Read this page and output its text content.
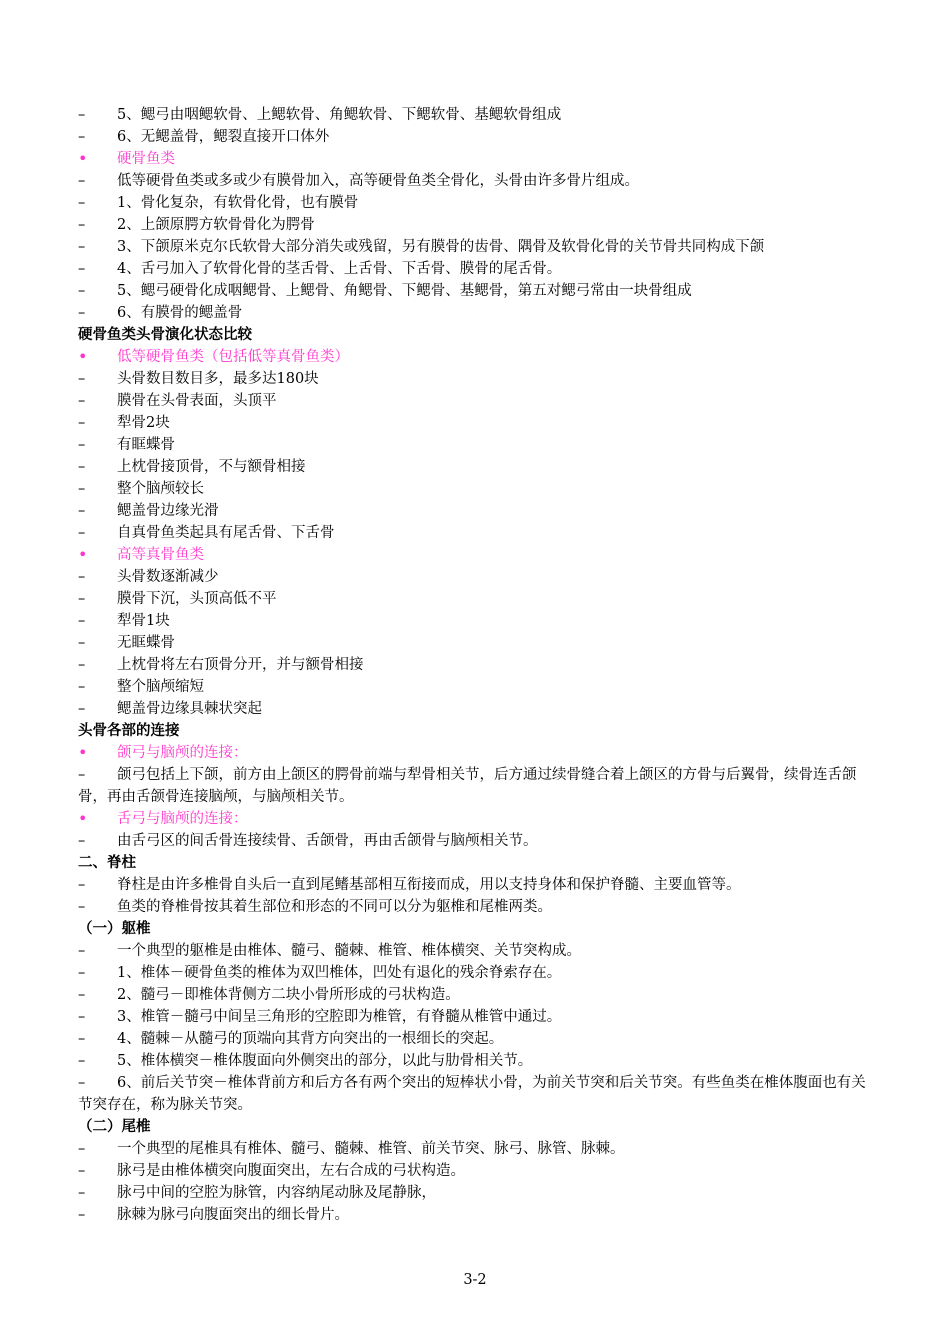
–	5、鳃弓由咽鳃软骨、上鳃软骨、角鳃软骨、下鳃软骨、基鳃软骨组成
–	6、无鳃盖骨，鳃裂直接开口体外
•	硬骨鱼类
–	低等硬骨鱼类或多或少有膜骨加入，高等硬骨鱼类全骨化，头骨由许多骨片组成。
–	1、骨化复杂，有软骨化骨，也有膜骨
–	2、上颌原腭方软骨骨化为腭骨
–	3、下颌原米克尔氏软骨大部分消失或残留，另有膜骨的齿骨、隅骨及软骨化骨的关节骨共同构成下颌
–	4、舌弓加入了软骨化骨的茎舌骨、上舌骨、下舌骨、膜骨的尾舌骨。
–	5、鳃弓硬骨化成咽鳃骨、上鳃骨、角鳃骨、下鳃骨、基鳃骨，第五对鳃弓常由一块骨组成
–	6、有膜骨的鳃盖骨
硬骨鱼类头骨演化状态比较
•	低等硬骨鱼类（包括低等真骨鱼类）
–	头骨数目数目多，最多达180块
–	膜骨在头骨表面，头顶平
–	犁骨2块
–	有眶蝶骨
–	上枕骨接顶骨，不与额骨相接
–	整个脑颅较长
–	鳃盖骨边缘光滑
–	自真骨鱼类起具有尾舌骨、下舌骨
•	高等真骨鱼类
–	头骨数逐渐减少
–	膜骨下沉，头顶高低不平
–	犁骨1块
–	无眶蝶骨
–	上枕骨将左右顶骨分开，并与额骨相接
–	整个脑颅缩短
–	鳃盖骨边缘具棘状突起
头骨各部的连接
•	颌弓与脑颅的连接：
–	颌弓包括上下颌，前方由上颌区的腭骨前端与犁骨相关节，后方通过续骨缝合着上颌区的方骨与后翼骨，续骨连舌颌骨，再由舌颌骨连接脑颅，与脑颅相关节。
•	舌弓与脑颅的连接：
–	由舌弓区的间舌骨连接续骨、舌颌骨，再由舌颌骨与脑颅相关节。
二、脊柱
–	脊柱是由许多椎骨自头后一直到尾鳍基部相互衔接而成，用以支持身体和保护脊髓、主要血管等。
–	鱼类的脊椎骨按其着生部位和形态的不同可以分为躯椎和尾椎两类。
（一）躯椎
–	一个典型的躯椎是由椎体、髓弓、髓棘、椎管、椎体横突、关节突构成。
–	1、椎体－硬骨鱼类的椎体为双凹椎体，凹处有退化的残余脊索存在。
–	2、髓弓－即椎体背侧方二块小骨所形成的弓状构造。
–	3、椎管－髓弓中间呈三角形的空腔即为椎管，有脊髓从椎管中通过。
–	4、髓棘－从髓弓的顶端向其背方向突出的一根细长的突起。
–	5、椎体横突－椎体腹面向外侧突出的部分，以此与肋骨相关节。
–	6、前后关节突－椎体背前方和后方各有两个突出的短棒状小骨，为前关节突和后关节突。有些鱼类在椎体腹面也有关节突存在，称为脉关节突。
（二）尾椎
–	一个典型的尾椎具有椎体、髓弓、髓棘、椎管、前关节突、脉弓、脉管、脉棘。
–	脉弓是由椎体横突向腹面突出，左右合成的弓状构造。
–	脉弓中间的空腔为脉管，内容纳尾动脉及尾静脉，
–	脉棘为脉弓向腹面突出的细长骨片。
3-2
